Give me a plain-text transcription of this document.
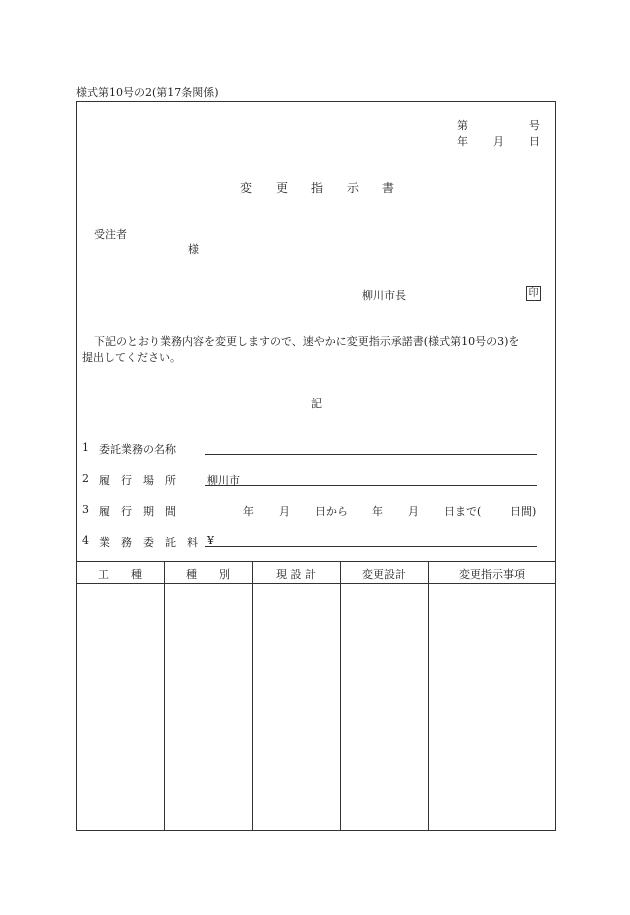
様式第10号の2(第17条関係)
第	号
年 月 日
変 更 指 示 書
受注者
様
柳川市長	印
下記のとおり業務内容を変更しますので、速やかに変更指示承諾書(様式第10号の3)を
提出してください。
記
1 委託業務の名称
2 履　行　場　所	柳川市
3 履　行　期　間	年 月 日から 年 月 日まで(	日間)
4 業　務　委　託　料 ¥
工　　種	種　　別	現 設 計	変更設計	変更指示事項
